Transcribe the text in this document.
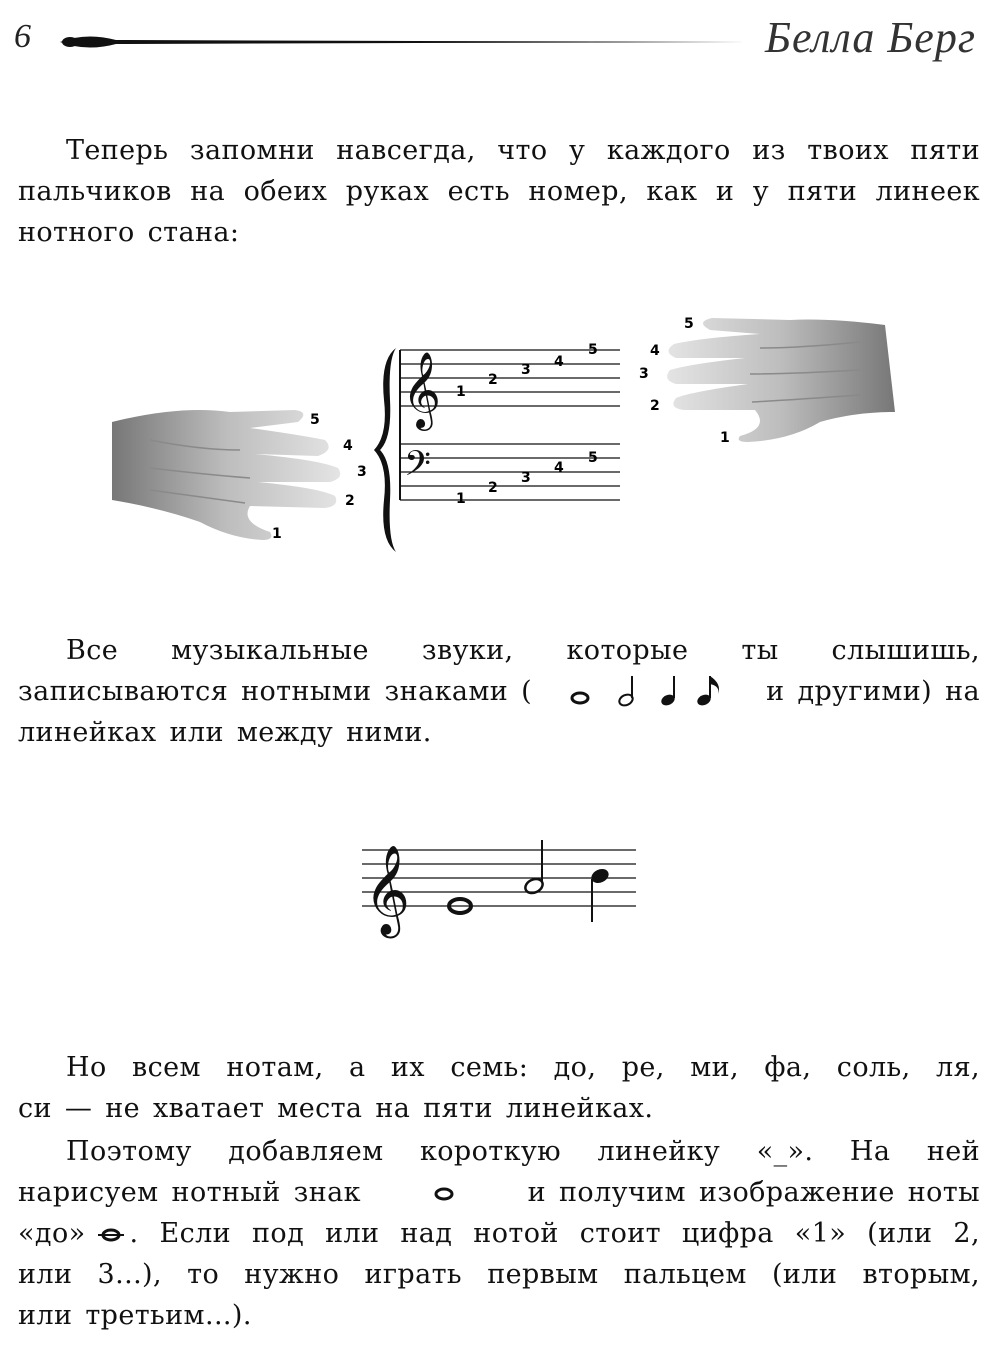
6	Белла Берг
Теперь запомни навсегда, что у каждого из твоих пяти
пальчиков на обеих руках есть номер, как и у пяти линеек
нотного стана:
5
4
3
2
1
5
4
3
2
1
𝄞 1
2
3 4
5
𝄢
1
2
3
4
5
Все музыкальные звуки, которые ты слышишь,
записываются нотными знаками (	и другими) на
линейках или между ними.
𝄞
Но всем нотам, а их семь: до, ре, ми, фа, соль, ля,
си — не хватает места на пяти линейках.
Поэтому добавляем короткую линейку «_». На ней
нарисуем нотный знак	и получим изображение ноты
«до» . Если под или над нотой стоит цифра «1» (или 2,
или 3...), то нужно играть первым пальцем (или вторым,
или третьим...).
